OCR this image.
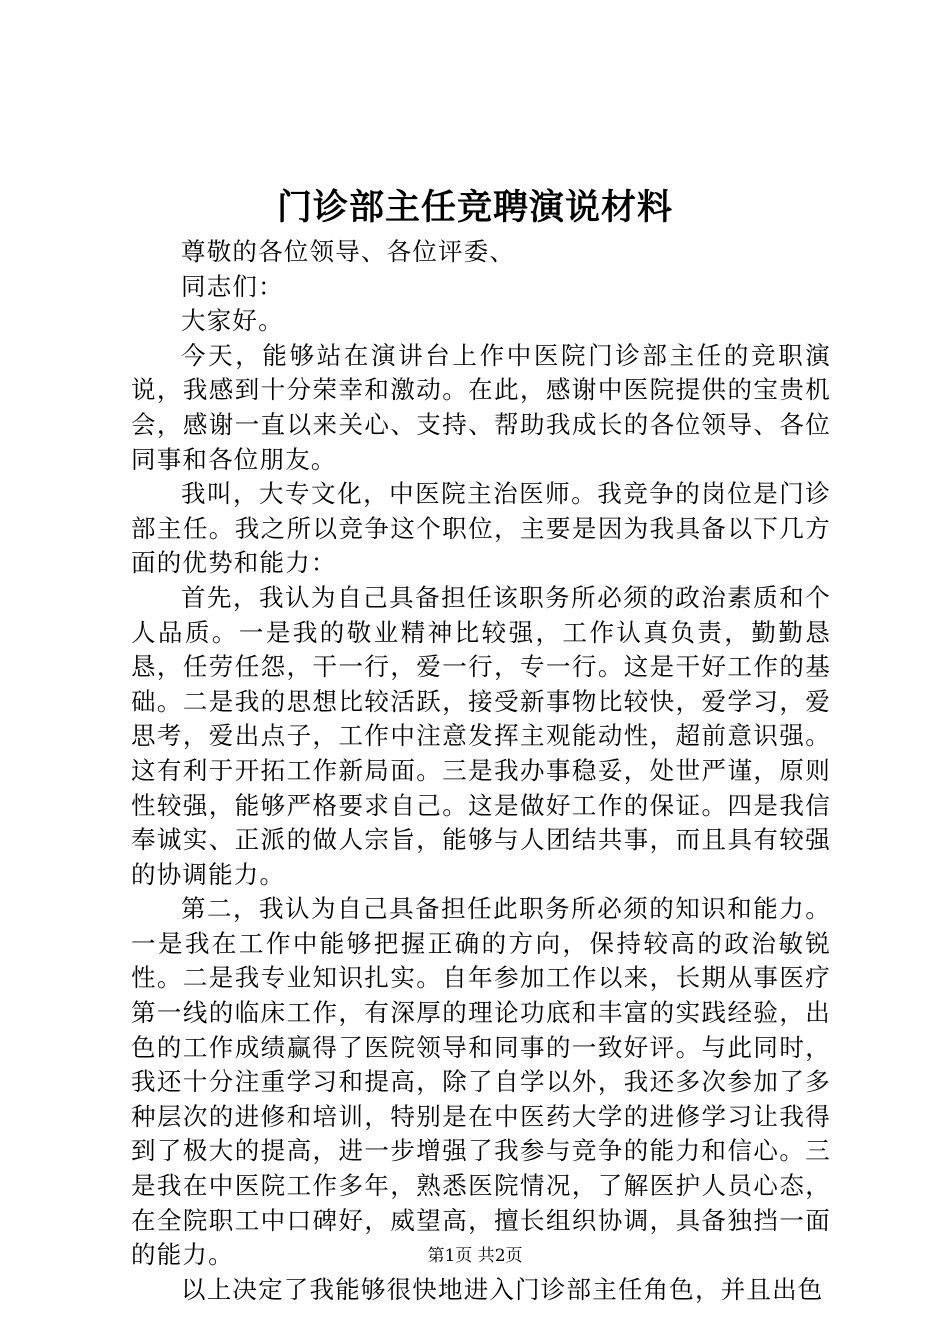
门诊部主任竞聘演说材料

尊敬的各位领导、各位评委、

同志们：

大家好。

今天，能够站在演讲台上作中医院门诊部主任的竞职演说，我感到十分荣幸和激动。在此，感谢中医院提供的宝贵机会，感谢一直以来关心、支持、帮助我成长的各位领导、各位同事和各位朋友。

我叫，大专文化，中医院主治医师。我竞争的岗位是门诊部主任。我之所以竞争这个职位，主要是因为我具备以下几方面的优势和能力：

首先，我认为自己具备担任该职务所必须的政治素质和个人品质。一是我的敬业精神比较强，工作认真负责，勤勤恳恳，任劳任怨，干一行，爱一行，专一行。这是干好工作的基础。二是我的思想比较活跃，接受新事物比较快，爱学习，爱思考，爱出点子，工作中注意发挥主观能动性，超前意识强。这有利于开拓工作新局面。三是我办事稳妥，处世严谨，原则性较强，能够严格要求自己。这是做好工作的保证。四是我信奉诚实、正派的做人宗旨，能够与人团结共事，而且具有较强的协调能力。

第二，我认为自己具备担任此职务所必须的知识和能力。一是我在工作中能够把握正确的方向，保持较高的政治敏锐性。二是我专业知识扎实。自年参加工作以来，长期从事医疗第一线的临床工作，有深厚的理论功底和丰富的实践经验，出色的工作成绩赢得了医院领导和同事的一致好评。与此同时，我还十分注重学习和提高，除了自学以外，我还多次参加了多种层次的进修和培训，特别是在中医药大学的进修学习让我得到了极大的提高，进一步增强了我参与竞争的能力和信心。三是我在中医院工作多年，熟悉医院情况，了解医护人员心态，在全院职工中口碑好，威望高，擅长组织协调，具备独挡一面的能力。

以上决定了我能够很快地进入门诊部主任角色，并且出色

第1页 共2页
